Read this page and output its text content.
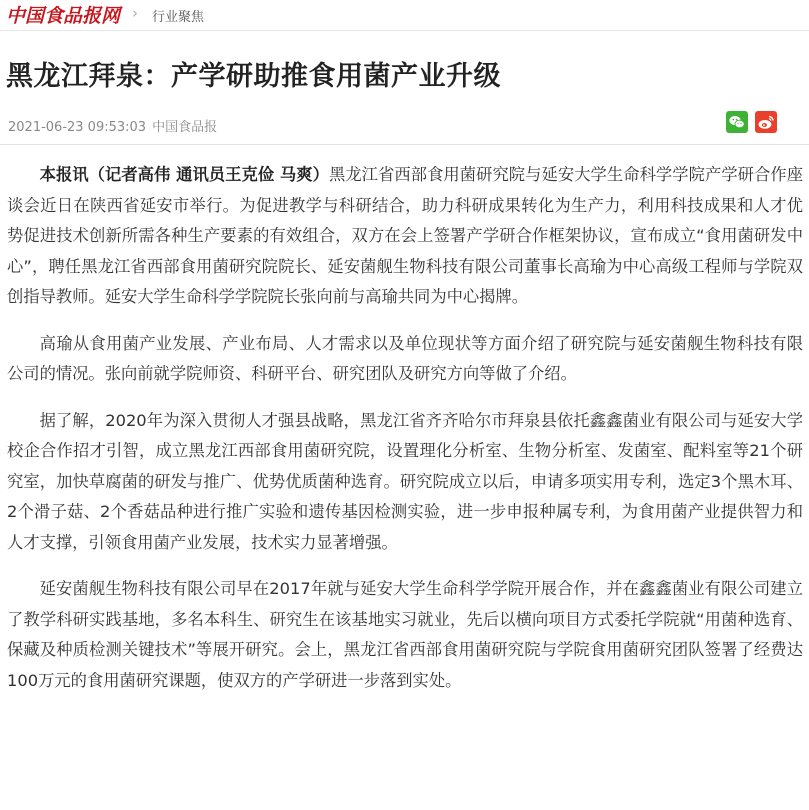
中国食品报网 › 行业聚焦
黑龙江拜泉：产学研助推食用菌产业升级
2021-06-23 09:53:03 中国食品报

本报讯（记者高伟 通讯员王克俭 马爽）黑龙江省西部食用菌研究院与延安大学生命科学学院产学研合作座谈会近日在陕西省延安市举行。为促进教学与科研结合，助力科研成果转化为生产力，利用科技成果和人才优势促进技术创新所需各种生产要素的有效组合，双方在会上签署产学研合作框架协议，宣布成立“食用菌研发中心”，聘任黑龙江省西部食用菌研究院院长、延安菌舰生物科技有限公司董事长高瑜为中心高级工程师与学院双创指导教师。延安大学生命科学学院院长张向前与高瑜共同为中心揭牌。

高瑜从食用菌产业发展、产业布局、人才需求以及单位现状等方面介绍了研究院与延安菌舰生物科技有限公司的情况。张向前就学院师资、科研平台、研究团队及研究方向等做了介绍。

据了解，2020年为深入贯彻人才强县战略，黑龙江省齐齐哈尔市拜泉县依托鑫鑫菌业有限公司与延安大学校企合作招才引智，成立黑龙江西部食用菌研究院，设置理化分析室、生物分析室、发菌室、配料室等21个研究室，加快草腐菌的研发与推广、优势优质菌种选育。研究院成立以后，申请多项实用专利，选定3个黑木耳、2个滑子菇、2个香菇品种进行推广实验和遗传基因检测实验，进一步申报种属专利，为食用菌产业提供智力和人才支撑，引领食用菌产业发展，技术实力显著增强。

延安菌舰生物科技有限公司早在2017年就与延安大学生命科学学院开展合作，并在鑫鑫菌业有限公司建立了教学科研实践基地，多名本科生、研究生在该基地实习就业，先后以横向项目方式委托学院就“用菌种选育、保藏及种质检测关键技术”等展开研究。会上，黑龙江省西部食用菌研究院与学院食用菌研究团队签署了经费达100万元的食用菌研究课题，使双方的产学研进一步落到实处。
